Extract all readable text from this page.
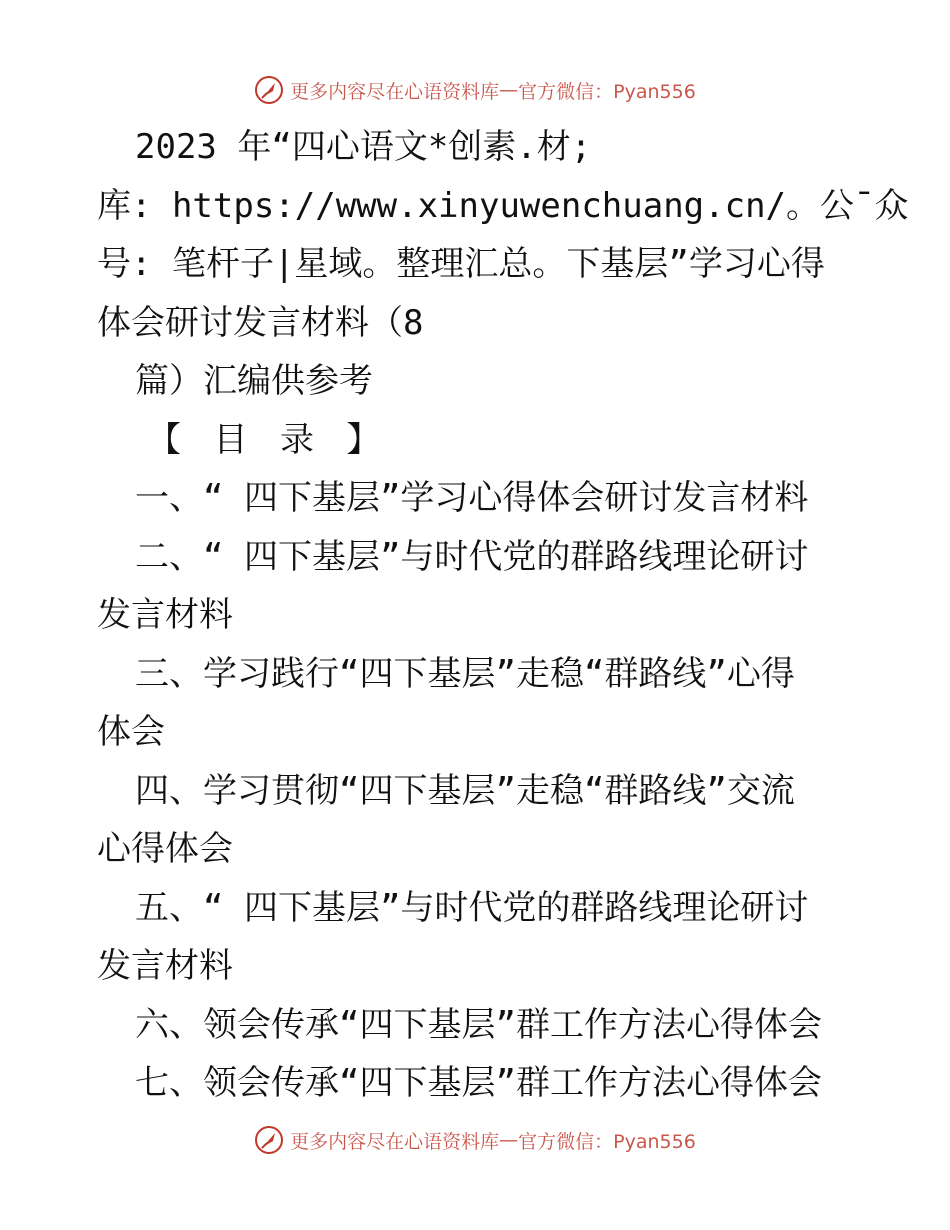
更多内容尽在心语资料库 — 官方微信：Pyan556
2023 年“四心语文*创素.材;
库: https://www.xinyuwenchuang.cn/。公¯众
号: 笔杆子|星域。整理汇总。下基层”学习心得
体会研讨发言材料（8
篇）汇编供参考
【 目 录 】
一、“ 四下基层”学习心得体会研讨发言材料
二、“ 四下基层”与时代党的群路线理论研讨
发言材料
三、学习践行“四下基层”走稳“群路线”心得
体会
四、学习贯彻“四下基层”走稳“群路线”交流
心得体会
五、“ 四下基层”与时代党的群路线理论研讨
发言材料
六、领会传承“四下基层”群工作方法心得体会
七、领会传承“四下基层”群工作方法心得体会
更多内容尽在心语资料库 — 官方微信：Pyan556
